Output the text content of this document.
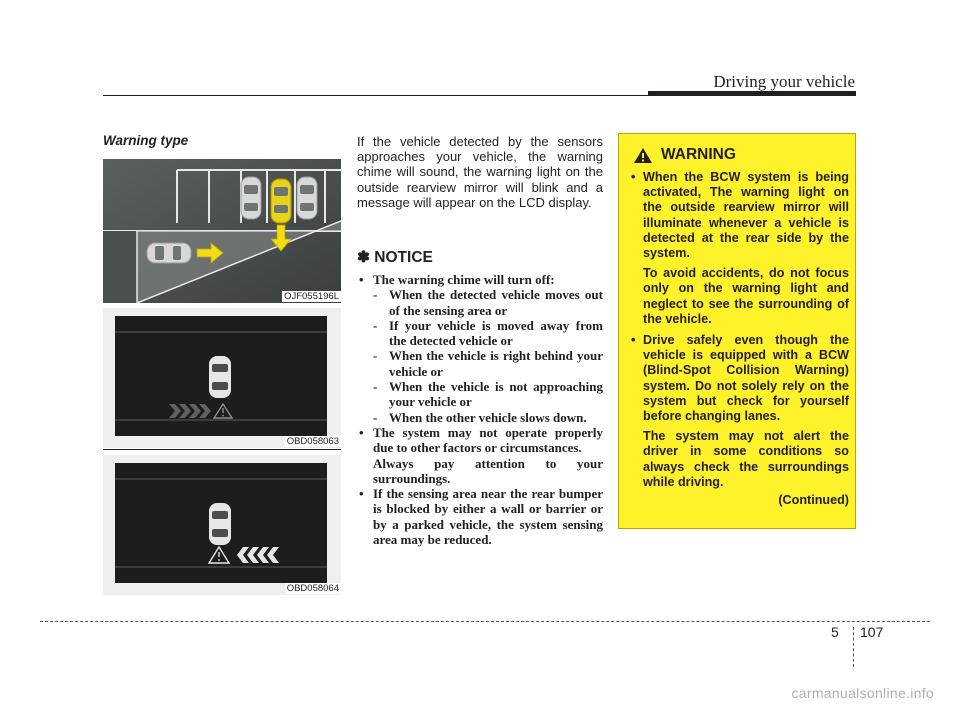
Driving your vehicle
Warning type
OJF055196L
OBD058063
OBD058064
If the vehicle detected by the sensors approaches your vehicle, the warning chime will sound, the warning light on the outside rearview mirror will blink and a message will appear on the LCD display.
✽ NOTICE
• The warning chime will turn off:
- When the detected vehicle moves out of the sensing area or
- If your vehicle is moved away from the detected vehicle or
- When the vehicle is right behind your vehicle or
- When the vehicle is not approaching your vehicle or
- When the other vehicle slows down.
• The system may not operate properly due to other factors or circumstances.
Always pay attention to your surroundings.
• If the sensing area near the rear bumper is blocked by either a wall or barrier or by a parked vehicle, the system sensing area may be reduced.
WARNING
• When the BCW system is being activated, The warning light on the outside rearview mirror will illuminate whenever a vehicle is detected at the rear side by the system.
To avoid accidents, do not focus only on the warning light and neglect to see the surrounding of the vehicle.
• Drive safely even though the vehicle is equipped with a BCW (Blind-Spot Collision Warning) system. Do not solely rely on the system but check for yourself before changing lanes.
The system may not alert the driver in some conditions so always check the surroundings while driving.
(Continued)
5 107
carmanualsonline.info
